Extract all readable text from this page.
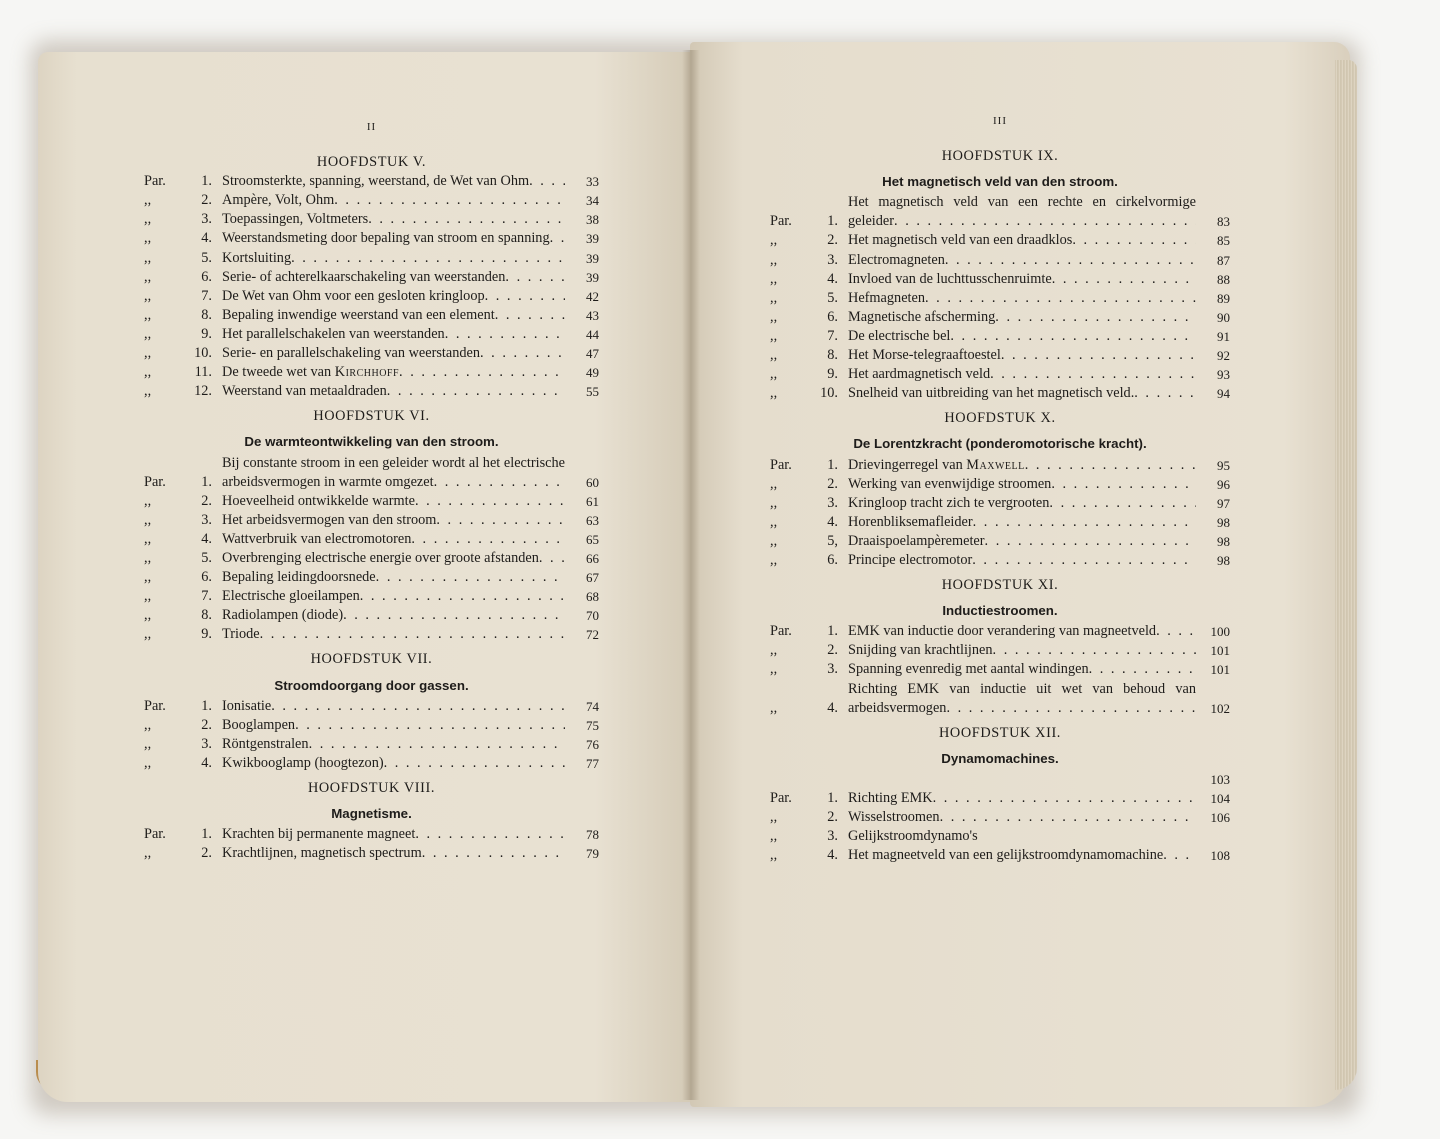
II
HOOFDSTUK V.
Par.	1. Stroomsterkte, spanning, weerstand, de Wet van Ohm . . .	33
,,	2. Ampère, Volt, Ohm . . .	34
,,	3. Toepassingen, Voltmeters . . .	38
,,	4. Weerstandsmeting door bepaling van stroom en spanning . . .	39
,,	5. Kortsluiting . . .	39
,,	6. Serie- of achterelkaarschakeling van weerstanden . . .	39
,,	7. De Wet van Ohm voor een gesloten kringloop . . .	42
,,	8. Bepaling inwendige weerstand van een element . . .	43
,,	9. Het parallelschakelen van weerstanden . . .	44
,,	10. Serie- en parallelschakeling van weerstanden . . .	47
,,	11. De tweede wet van Kirchhoff . . .	49
,,	12. Weerstand van metaaldraden . . .	55
HOOFDSTUK VI.
De warmteontwikkeling van den stroom.
Par.	1.
Bij constante stroom in een geleider wordt al het electrische arbeidsvermogen in warmte omgezet . . .	60
,,	2. Hoeveelheid ontwikkelde warmte . . .	61
,,	3. Het arbeidsvermogen van den stroom . . .	63
,,	4. Wattverbruik van electromotoren . . .	65
,,	5. Overbrenging electrische energie over groote afstanden . . .	66
,,	6. Bepaling leidingdoorsnede . . .	67
,,	7. Electrische gloeilampen . . .	68
,,	8. Radiolampen (diode) . . .	70
,,	9. Triode . . .	72
HOOFDSTUK VII.
Stroomdoorgang door gassen.
Par.	1. Ionisatie . . .	74
,,	2. Booglampen . . .	75
,,	3. Röntgenstralen . . .	76
,,	4. Kwikbooglamp (hoogtezon) . . .	77
HOOFDSTUK VIII.
Magnetisme.
Par.	1. Krachten bij permanente magneet . . .	78
,,	2. Krachtlijnen, magnetisch spectrum . . .	79
III
HOOFDSTUK IX.
Het magnetisch veld van den stroom.
Par.	1.
Het magnetisch veld van een rechte en cirkelvormige geleider . . .	83
,,	2. Het magnetisch veld van een draadklos . . .	85
,,	3. Electromagneten . . .	87
,,	4. Invloed van de luchttusschenruimte . . .	88
,,	5. Hefmagneten . . .	89
,,	6. Magnetische afscherming . . .	90
,,	7. De electrische bel . . .	91
,,	8. Het Morse-telegraaftoestel . . .	92
,,	9. Het aardmagnetisch veld . . .	93
,,	10. Snelheid van uitbreiding van het magnetisch veld. . . .	94
HOOFDSTUK X.
De Lorentzkracht (ponderomotorische kracht).
Par.	1. Drievingerregel van Maxwell . . .	95
,,	2. Werking van evenwijdige stroomen . . .	96
,,	3. Kringloop tracht zich te vergrooten . . .	97
,,	4. Horenbliksemafleider . . .	98
,,	5, Draaispoelampèremeter . . .	98
,,	6. Principe electromotor . . .	98
HOOFDSTUK XI.
Inductiestroomen.
Par.	1. EMK van inductie door verandering van magneetveld . . .	100
,,	2. Snijding van krachtlijnen . . .	101
,,	3. Spanning evenredig met aantal windingen . . .	101
,,	4.
Richting EMK van inductie uit wet van behoud van arbeidsvermogen . . .	102
HOOFDSTUK XII.
Dynamomachines.
103
Par.	1. Richting EMK . . .	104
,,	2. Wisselstroomen . . .	106
,,	3. Gelijkstroomdynamo's
,,	4. Het magneetveld van een gelijkstroomdynamomachine . . .	108
